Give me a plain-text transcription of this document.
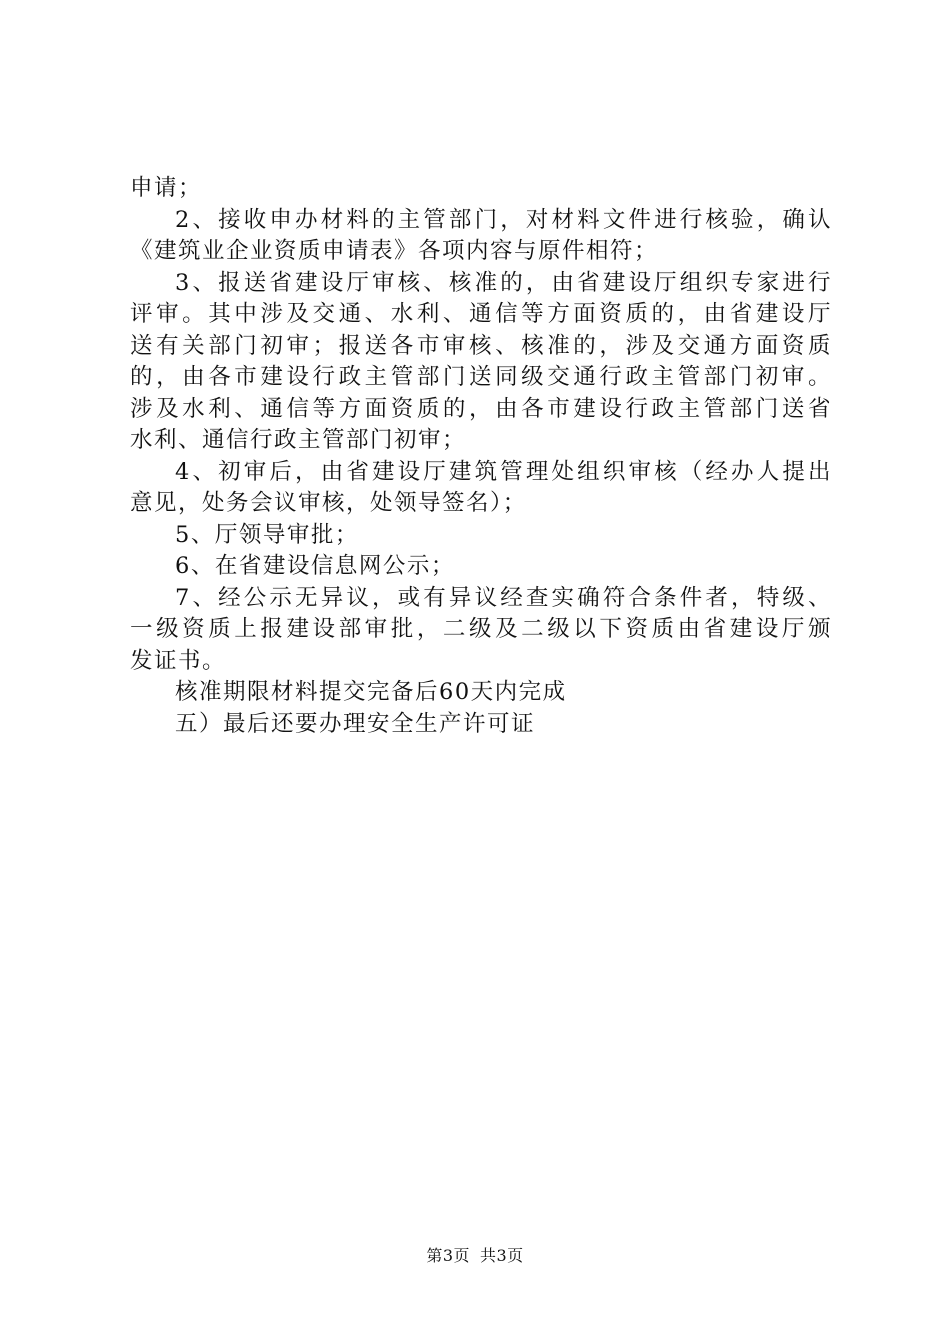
申请；
2、接收申办材料的主管部门，对材料文件进行核验，确认
《建筑业企业资质申请表》各项内容与原件相符；
3、报送省建设厅审核、核准的，由省建设厅组织专家进行
评审。其中涉及交通、水利、通信等方面资质的，由省建设厅
送有关部门初审；报送各市审核、核准的，涉及交通方面资质
的，由各市建设行政主管部门送同级交通行政主管部门初审。
涉及水利、通信等方面资质的，由各市建设行政主管部门送省
水利、通信行政主管部门初审；
4、初审后，由省建设厅建筑管理处组织审核（经办人提出
意见，处务会议审核，处领导签名）；
5、厅领导审批；
6、在省建设信息网公示；
7、经公示无异议，或有异议经查实确符合条件者，特级、
一级资质上报建设部审批，二级及二级以下资质由省建设厅颁
发证书。
核准期限材料提交完备后60天内完成
五）最后还要办理安全生产许可证
第3页 共3页
